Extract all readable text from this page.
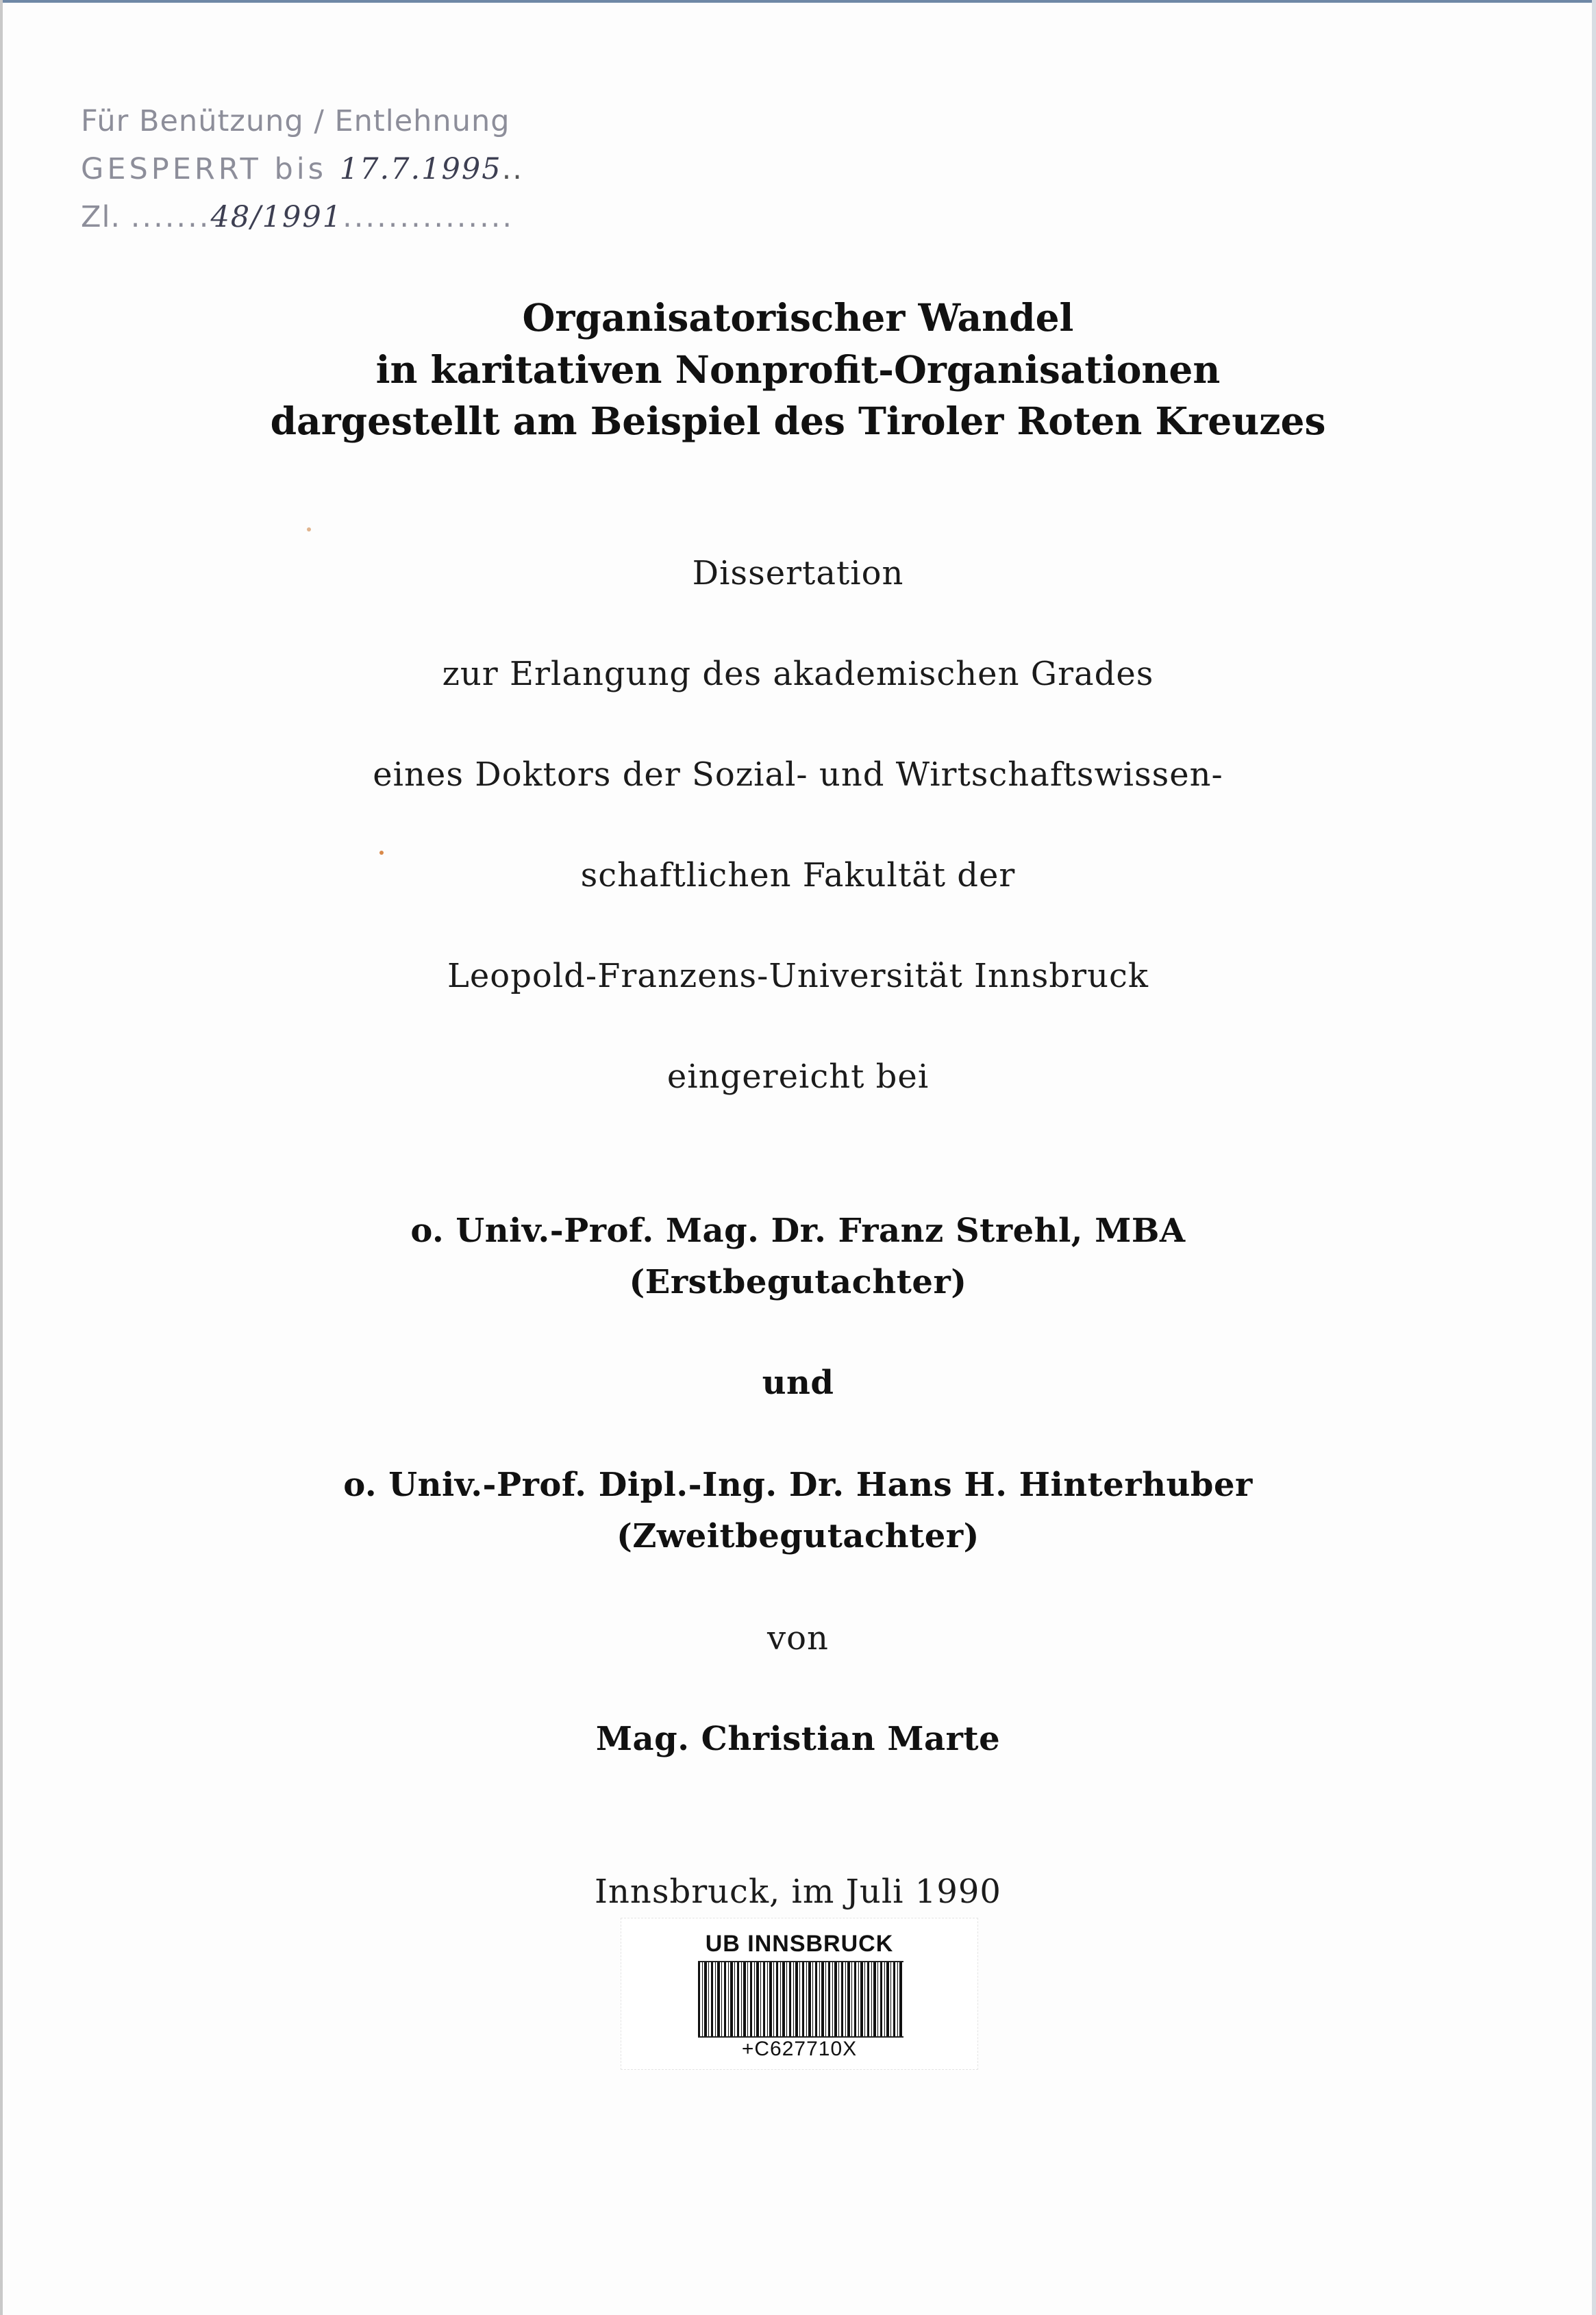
Für Benützung / Entlehnung
GESPERRT bis 17.7.1995..
Zl. .......48/1991...............
Organisatorischer Wandel
in karitativen Nonprofit-Organisationen
dargestellt am Beispiel des Tiroler Roten Kreuzes
Dissertation
zur Erlangung des akademischen Grades
eines Doktors der Sozial- und Wirtschaftswissen-
schaftlichen Fakultät der
Leopold-Franzens-Universität Innsbruck
eingereicht bei
o. Univ.-Prof. Mag. Dr. Franz Strehl, MBA
(Erstbegutachter)
und
o. Univ.-Prof. Dipl.-Ing. Dr. Hans H. Hinterhuber
(Zweitbegutachter)
von
Mag. Christian Marte
Innsbruck, im Juli 1990
UB INNSBRUCK
+C627710X
